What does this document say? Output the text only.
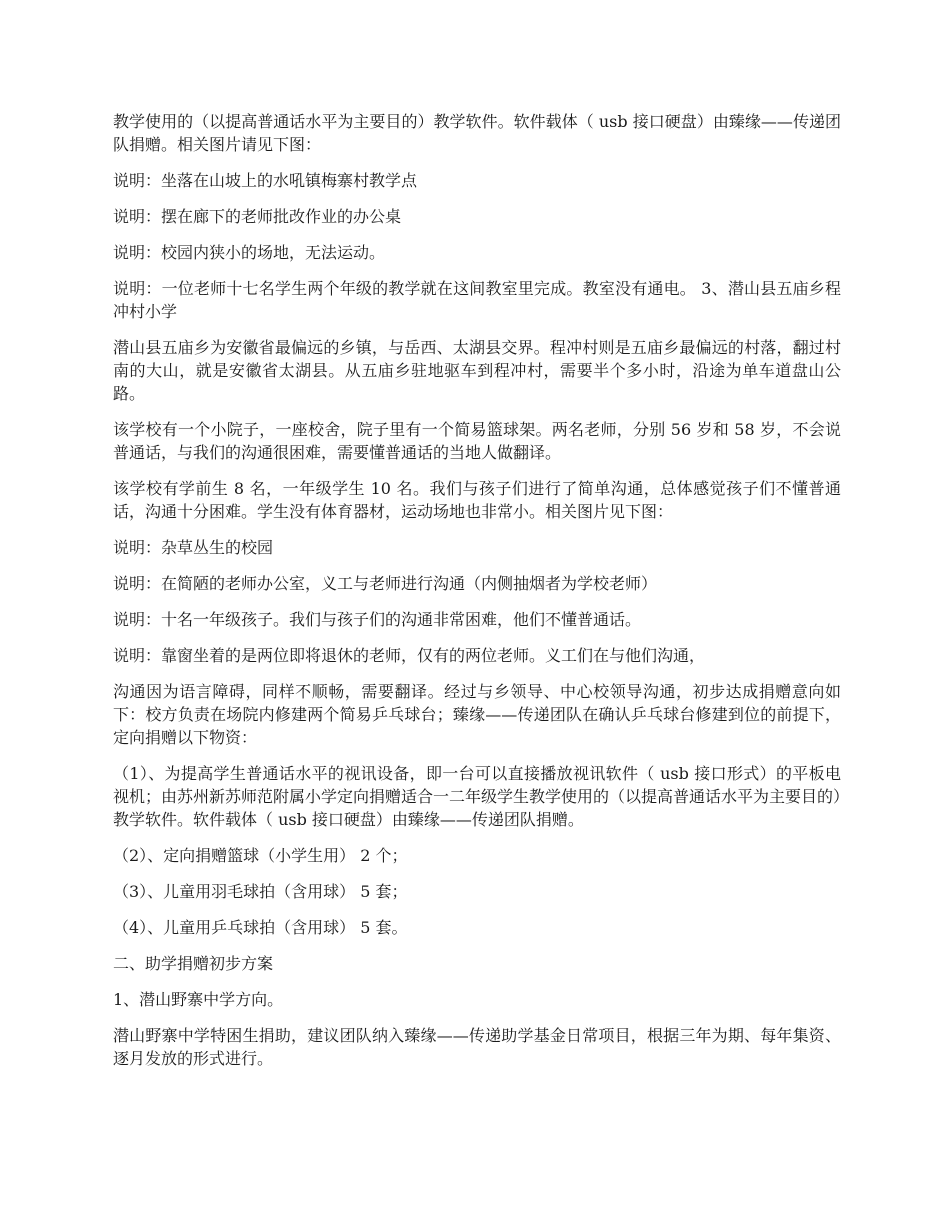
教学使用的（以提高普通话水平为主要目的）教学软件。软件载体（ usb 接口硬盘）由臻缘——传递团队捐赠。相关图片请见下图：

说明：坐落在山坡上的水吼镇梅寨村教学点

说明：摆在廊下的老师批改作业的办公桌

说明：校园内狭小的场地，无法运动。

说明：一位老师十七名学生两个年级的教学就在这间教室里完成。教室没有通电。 3、潜山县五庙乡程冲村小学

潜山县五庙乡为安徽省最偏远的乡镇，与岳西、太湖县交界。程冲村则是五庙乡最偏远的村落，翻过村南的大山，就是安徽省太湖县。从五庙乡驻地驱车到程冲村，需要半个多小时，沿途为单车道盘山公路。

该学校有一个小院子，一座校舍，院子里有一个简易篮球架。两名老师，分别 56 岁和 58 岁，不会说普通话，与我们的沟通很困难，需要懂普通话的当地人做翻译。

该学校有学前生 8 名，一年级学生 10 名。我们与孩子们进行了简单沟通，总体感觉孩子们不懂普通话，沟通十分困难。学生没有体育器材，运动场地也非常小。相关图片见下图：

说明：杂草丛生的校园

说明：在简陋的老师办公室，义工与老师进行沟通（内侧抽烟者为学校老师）

说明：十名一年级孩子。我们与孩子们的沟通非常困难，他们不懂普通话。

说明：靠窗坐着的是两位即将退休的老师，仅有的两位老师。义工们在与他们沟通，

沟通因为语言障碍，同样不顺畅，需要翻译。经过与乡领导、中心校领导沟通，初步达成捐赠意向如下：校方负责在场院内修建两个简易乒乓球台；臻缘——传递团队在确认乒乓球台修建到位的前提下，定向捐赠以下物资：

（1）、为提高学生普通话水平的视讯设备，即一台可以直接播放视讯软件（ usb 接口形式）的平板电视机；由苏州新苏师范附属小学定向捐赠适合一二年级学生教学使用的（以提高普通话水平为主要目的）教学软件。软件载体（ usb 接口硬盘）由臻缘——传递团队捐赠。

（2）、定向捐赠篮球（小学生用） 2 个；

（3）、儿童用羽毛球拍（含用球） 5 套；

（4）、儿童用乒乓球拍（含用球） 5 套。

二、助学捐赠初步方案

1、潜山野寨中学方向。

潜山野寨中学特困生捐助，建议团队纳入臻缘——传递助学基金日常项目，根据三年为期、每年集资、逐月发放的形式进行。
